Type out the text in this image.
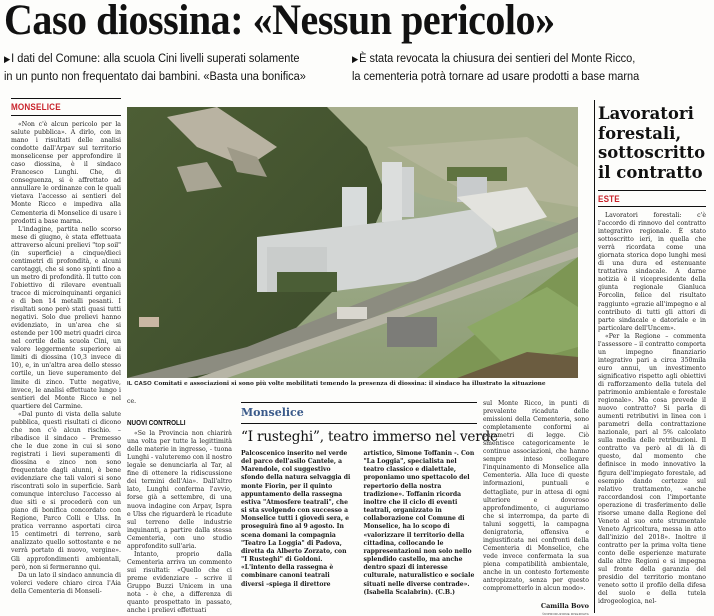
Caso diossina: «Nessun pericolo»
▶I dati del Comune: alla scuola Cini livelli superati solamente
in un punto non frequentato dai bambini. «Basta una bonifica»
▶È stata revocata la chiusura dei sentieri del Monte Ricco,
la cementeria potrà tornare ad usare prodotti a base marna
MONSELICE

«Non c'è alcun pericolo per la salute pubblica». A dirlo, con in mano i risultati delle analisi condotte dall'Arpav sul territorio monselicense per approfondire il caso diossina, è il sindaco Francesco Lunghi. Che, di conseguenza, si è affrettato ad annullare le ordinanze con le quali vietava l'accesso ai sentieri del Monte Ricco e impediva alla Cementeria di Monselice di usare i prodotti a base marna.

L'indagine, partita nello scorso mese di giugno, è stata effettuata attraverso alcuni prelievi "top soil" (in superficie) a cinque/dieci centimetri di profondità, e alcuni carotaggi, che si sono spinti fino a un metro di profondità. Il tutto con l'obiettivo di rilevare eventuali tracce di microinquinanti organici e di ben 14 metalli pesanti. I risultati sono però stati quasi tutti negativi. Solo due prelievi hanno evidenziato, in un'area che si estende per 100 metri quadri circa nel cortile della scuola Cini, un valore leggermente superiore ai limiti di diossina (10,3 invece di 10), e, in un'altra area dello stesso cortile, un lieve superamento del limite di zinco. Tutte negative, invece, le analisi effettuate lungo i sentieri del Monte Ricco e nel quartiere del Carmine.

«Dal punto di vista della salute pubblica, questi risultati ci dicono che non c'è alcun rischio. – ribadisce il sindaco – Premesso che le due zone in cui si sono registrati i lievi superamenti di diossina e zinco non sono frequentate dagli alunni, è bene evidenziare che tali valori si sono riscontrati solo in superficie. Sarà comunque intercluso l'accesso ai due siti e si procederà con un piano di bonifica concordato con Regione, Parco Colli e Ulss. In pratica verranno asportati circa 15 centimetri di terreno, sarà analizzato quello sottostante e ne verrà portato di nuovo, vergine». Gli approfondimenti ambientali, però, non si fermeranno qui.

Da un lato il sindaco annuncia di volerci vedere chiaro circa l'Aia della Cementeria di Monseli-

IL CASO Comitati e associazioni si sono più volte mobilitati temendo la presenza di diossina: il sindaco ha illustrato la situazione

ce.

NUOVI CONTROLLI

«Se la Provincia non chiarirà una volta per tutte la legittimità delle materie in ingresso, - tuona Lunghi - valuteremo con il nostro legale se denunciarla al Tar, al fine di ottenere la ridiscussione dei termini dell'Aia». Dall'altro lato, Lunghi conferma l'avvio, forse già a settembre, di una nuova indagine con Arpav, Ispra e Ulss che riguarderà le ricadute sul terreno delle industrie inquinanti, a partire dalla stessa Cementeria, con uno studio approfondito sull'aria.

Intanto, proprio dalla Cementeria arriva un commento sui risultati: «Quello che ci preme evidenziare – scrive il Gruppo Buzzi Unicem in una nota - è che, a differenza di quanto prospettato in passato, anche i prelievi effettuati

Monselice
“I rusteghi”, teatro immerso nel verde
Palcoscenico inserito nel verde del parco dell'asilo Cantele, a Marendole, col suggestivo sfondo della natura selvaggia di monte Fiorin, per il quinto appuntamento della rassegna estiva "Atmosfere teatrali", che si sta svolgendo con successo a Monselice tutti i giovedì sera, e proseguirà fino al 9 agosto. In scena domani la compagnia "Teatro La Loggia" di Padova, diretta da Alberto Zorzato, con "I Rusteghi" di Goldoni. «L'intento della rassegna è combinare canoni teatrali diversi –spiega il direttore
artistico, Simone Toffanin -. Con "La Loggia", specialista nel teatro classico e dialettale, proponiamo uno spettacolo del repertorio della nostra tradizione». Toffanin ricorda inoltre che il ciclo di eventi teatrali, organizzato in collaborazione col Comune di Monselice, ha lo scopo di «valorizzare il territorio della cittadina, collocando le rappresentazioni non solo nello splendido castello, ma anche dentro spazi di interesse culturale, naturalistico e sociale situati nelle diverse contrade». (Isabella Scalabrin). (C.B.)

sul Monte Ricco, in punti di prevalente ricaduta delle emissioni della Cementeria, sono completamente conformi ai parametri di legge. Ciò smentisce categoricamente le continue associazioni, che hanno sempre inteso collegare l'inquinamento di Monselice alla Cementeria. Alla luce di queste informazioni, puntuali e dettagliate, pur in attesa di ogni ulteriore e doveroso approfondimento, ci auguriamo che si interrompa, da parte di taluni soggetti, la campagna denigratoria, offensiva e ingiustificata nei confronti della Cementeria di Monselice, che vede invece confermata la sua piena compatibilità ambientale, anche in un contesto fortemente antropizzato, senza per questo comprometterlo in alcun modo».

Camilla Bovo
©RIPRODUZIONE RISERVATA
Lavoratori forestali, sottoscritto il contratto
ESTE

Lavoratori forestali: c'è l'accordo di rinnovo del contratto integrativo regionale. È stato sottoscritto ieri, in quella che verrà ricordata come una giornata storica dopo lunghi mesi di una dura ed estenuante trattativa sindacale. A darne notizia è il vicepresidente della giunta regionale Gianluca Forcolin, felice del risultato raggiunto «grazie all'impegno e al contributo di tutti gli attori di parte sindacale e datoriale e in particolare dell'Uncem».

«Per la Regione – commenta l'assessore – il contratto comporta un impegno finanziario integrativo pari a circa 350mila euro annui, un investimento significativo rispetto agli obiettivi di rafforzamento della tutela del patrimonio ambientale e forestale regionale». Ma cosa prevede il nuovo contratto? Si parla di aumenti retributivi in linea con i parametri della contrattazione nazionale, pari al 5% calcolato sulla media delle retribuzioni. Il contratto va però al di là di questo, dal momento che definisce in modo innovativo la figura dell'impiegato forestale, ad esempio dando certezze sul relativo trattamento, «anche raccordandosi con l'importante operazione di trasferimento delle risorse umane dalla Regione del Veneto al suo ente strumentale Veneto Agricoltura, messa in atto dall'inizio del 2018». Inoltre il contratto per la prima volta tiene conto delle esperienze maturate dalle altre Regioni e si impegna sul fronte della garanzia del presidio del territorio montano veneto sotto il profilo della difesa del suolo e della tutela idrogeologica, nel-
